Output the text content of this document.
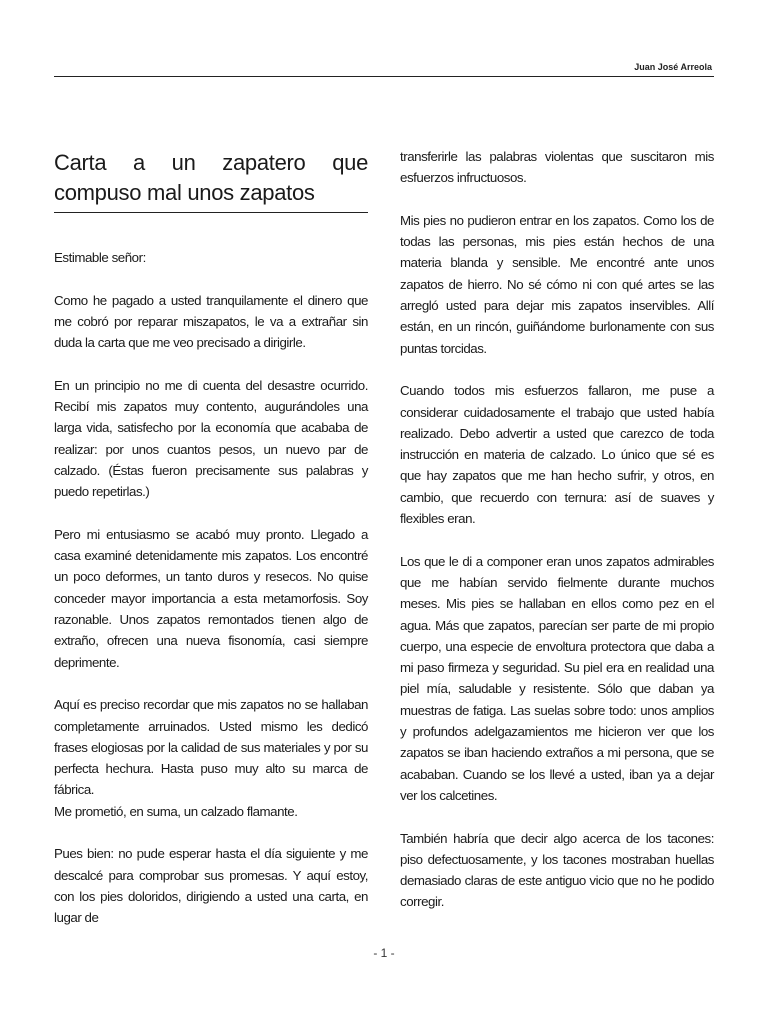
Juan José Arreola
Carta a un zapatero que compuso mal unos zapatos

Estimable señor:

Como he pagado a usted tranquilamente el dinero que me cobró por reparar miszapatos, le va a extrañar sin duda la carta que me veo precisado a dirigirle.

En un principio no me di cuenta del desastre ocurrido. Recibí mis zapatos muy contento, augurándoles una larga vida, satisfecho por la economía que acababa de realizar: por unos cuantos pesos, un nuevo par de calzado. (Éstas fueron precisamente sus palabras y puedo repetirlas.)

Pero mi entusiasmo se acabó muy pronto. Llegado a casa examiné detenidamente mis zapatos. Los encontré un poco deformes, un tanto duros y resecos. No quise conceder mayor importancia a esta metamorfosis. Soy razonable. Unos zapatos remontados tienen algo de extraño, ofrecen una nueva fisonomía, casi siempre deprimente.

Aquí es preciso recordar que mis zapatos no se hallaban completamente arruinados. Usted mismo les dedicó frases elogiosas por la calidad de sus materiales y por su perfecta hechura. Hasta puso muy alto su marca de fábrica.

Me prometió, en suma, un calzado flamante.

Pues bien: no pude esperar hasta el día siguiente y me descalcé para comprobar sus promesas. Y aquí estoy, con los pies doloridos, dirigiendo a usted una carta, en lugar de

transferirle las palabras violentas que suscitaron mis esfuerzos infructuosos.

Mis pies no pudieron entrar en los zapatos. Como los de todas las personas, mis pies están hechos de una materia blanda y sensible. Me encontré ante unos zapatos de hierro. No sé cómo ni con qué artes se las arregló usted para dejar mis zapatos inservibles. Allí están, en un rincón, guiñándome burlonamente con sus puntas torcidas.

Cuando todos mis esfuerzos fallaron, me puse a considerar cuidadosamente el trabajo que usted había realizado. Debo advertir a usted que carezco de toda instrucción en materia de calzado. Lo único que sé es que hay zapatos que me han hecho sufrir, y otros, en cambio, que recuerdo con ternura: así de suaves y flexibles eran.

Los que le di a componer eran unos zapatos admirables que me habían servido fielmente durante muchos meses. Mis pies se hallaban en ellos como pez en el agua. Más que zapatos, parecían ser parte de mi propio cuerpo, una especie de envoltura protectora que daba a mi paso firmeza y seguridad. Su piel era en realidad una piel mía, saludable y resistente. Sólo que daban ya muestras de fatiga. Las suelas sobre todo: unos amplios y profundos adelgazamientos me hicieron ver que los zapatos se iban haciendo extraños a mi persona, que se acababan. Cuando se los llevé a usted, iban ya a dejar ver los calcetines.

También habría que decir algo acerca de los tacones: piso defectuosamente, y los tacones mostraban huellas demasiado claras de este antiguo vicio que no he podido corregir.

- 1 -
